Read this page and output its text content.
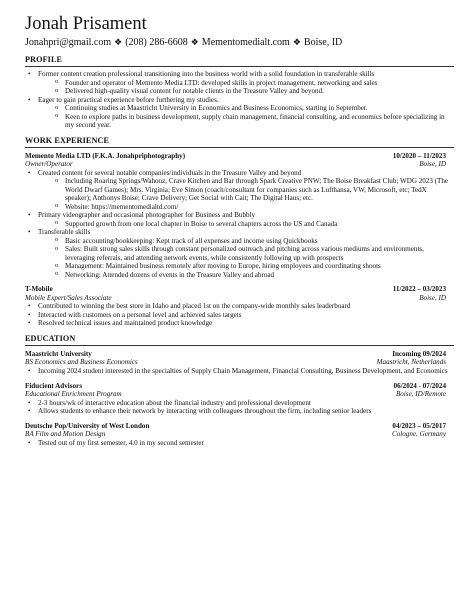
Jonah Prisament
Jonahpri@gmail.com ❖ (208) 286-6608 ❖ Mementomedialt.com ❖ Boise, ID
PROFILE
• Former content creation professional transitioning into the business world with a solid foundation in transferable skills
o Founder and operator of Memento Media LTD: developed skills in project management, networking and sales
o Delivered high-quality visual content for notable clients in the Treasure Valley and beyond.
• Eager to gain practical experience before furthering my studies.
o Continuing studies at Maastricht University in Economics and Business Economics, starting in September.
o Keen to explore paths in business development, supply chain management, financial consulting, and economics before specializing in my second year.
WORK EXPERIENCE
Memento Media LTD (F.K.A. Jonahpriphotography)	10/2020 – 11/2023
Owner/Operator	Boise, ID
• Created content for several notable companies/individuals in the Treasure Valley and beyond
o Including Roaring Springs/Wahooz, Crave Kitchen and Bar through Spark Creative PNW; The Boise Breakfast Club; WDG 2023 (The World Dwarf Games); Mrs. Virginia; Eve Simon (coach/consultant for companies such as Lufthansa, VW, Microsoft, etc; TedX speaker); Anthonys Boise; Crave Delivery; Get Social with Cait; The Digital Haus; etc.
o Website: https://mementomedialtd.com/
• Primary videographer and occasional photographer for Business and Bubbly
o Supported growth from one local chapter in Boise to several chapters across the US and Canada
• Transferable skills
o Basic accounting/bookkeeping: Kept track of all expenses and income using Quickbooks
o Sales: Built strong sales skills through constant personalized outreach and pitching across various mediums and environments, leveraging referrals, and attending network events, while consistently following up with prospects
o Management: Maintained business remotely after moving to Europe, hiring employees and coordinating shoots
o Networking: Attended dozens of events in the Treasure Valley and abroad
T-Mobile	11/2022 – 03/2023
Mobile Expert/Sales Associate	Boise, ID
• Contributed to winning the best store in Idaho and placed 1st on the company-wide monthly sales leaderboard
• Interacted with customers on a personal level and achieved sales targets
• Resolved technical issues and maintained product knowledge
EDUCATION
Maastricht University	Incoming 09/2024
BS Economics and Business Economics	Maastricht, Netherlands
• Incoming 2024 student interested in the specialties of Supply Chain Management, Financial Consulting, Business Development, and Economics
Fiducient Advisors	06/2024 - 07/2024
Educational Enrichment Program	Boise, ID/Remote
• 2-3 hours/wk of interactive education about the financial industry and professional development
• Allows students to enhance their network by interacting with colleagues throughout the firm, including senior leaders
Deutsche Pop/University of West London	04/2023 – 05/2017
BA Film and Motion Design	Cologne, Germany
• Tested out of my first semester, 4.0 in my second semester
